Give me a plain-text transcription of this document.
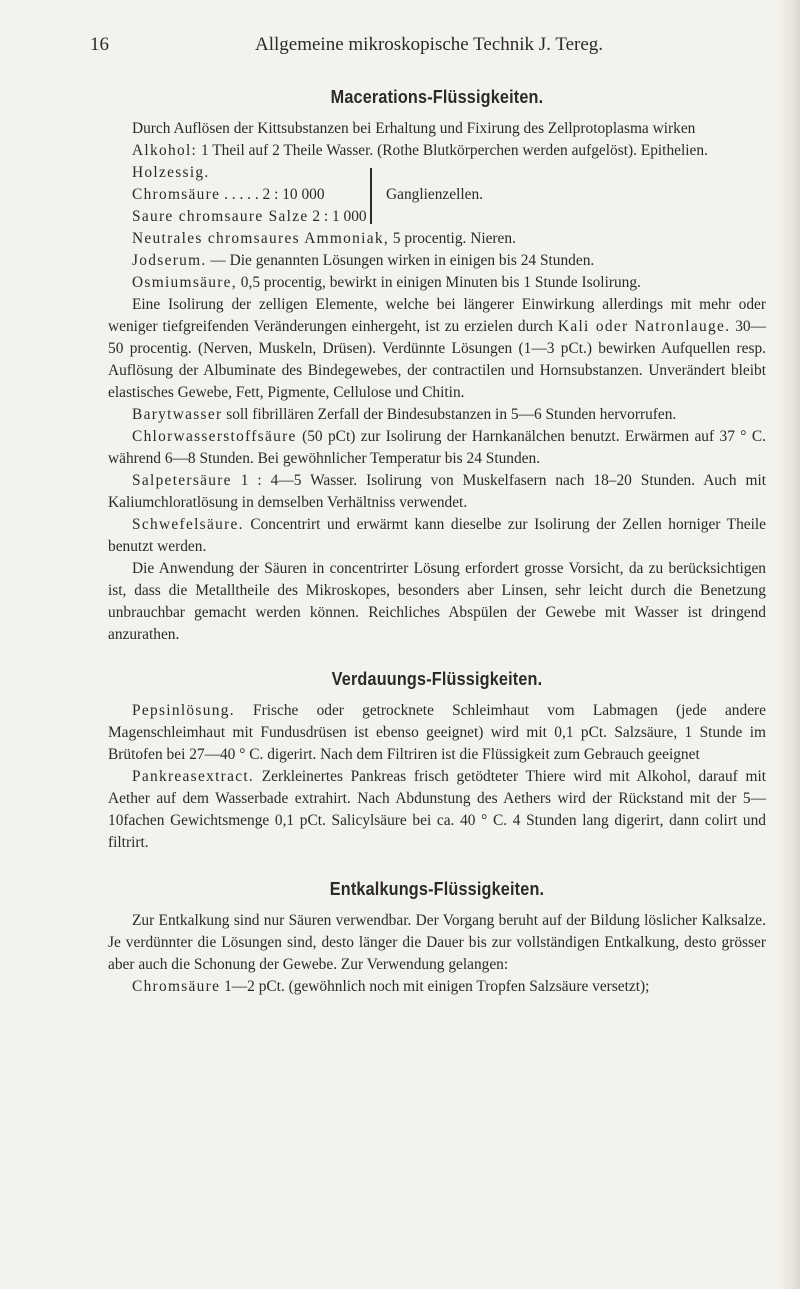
16	Allgemeine mikroskopische Technik J. Tereg.
Macerations-Flüssigkeiten.

Durch Auflösen der Kittsubstanzen bei Erhaltung und Fixirung des Zellprotoplasma wirken

Alkohol: 1 Theil auf 2 Theile Wasser. (Rothe Blutkörperchen werden aufgelöst). Epithelien.

Holzessig.
Chromsäure . . . . . 2 : 10 000
Saure chromsaure Salze 2 : 1 000
Ganglienzellen.

Neutrales chromsaures Ammoniak, 5 procentig. Nieren.

Jodserum. — Die genannten Lösungen wirken in einigen bis 24 Stunden.

Osmiumsäure, 0,5 procentig, bewirkt in einigen Minuten bis 1 Stunde Isolirung.

Eine Isolirung der zelligen Elemente, welche bei längerer Einwirkung allerdings mit mehr oder weniger tiefgreifenden Veränderungen einhergeht, ist zu erzielen durch Kali oder Natronlauge. 30—50 procentig. (Nerven, Muskeln, Drüsen). Verdünnte Lösungen (1—3 pCt.) bewirken Aufquellen resp. Auflösung der Albuminate des Bindegewebes, der contractilen und Hornsubstanzen. Unverändert bleibt elastisches Gewebe, Fett, Pigmente, Cellulose und Chitin.

Barytwasser soll fibrillären Zerfall der Bindesubstanzen in 5—6 Stunden hervorrufen.

Chlorwasserstoffsäure (50 pCt) zur Isolirung der Harnkanälchen benutzt. Erwärmen auf 37 ° C. während 6—8 Stunden. Bei gewöhnlicher Temperatur bis 24 Stunden.

Salpetersäure 1 : 4—5 Wasser. Isolirung von Muskelfasern nach 18–20 Stunden. Auch mit Kaliumchloratlösung in demselben Verhältniss verwendet.

Schwefelsäure. Concentrirt und erwärmt kann dieselbe zur Isolirung der Zellen horniger Theile benutzt werden.

Die Anwendung der Säuren in concentrirter Lösung erfordert grosse Vorsicht, da zu berücksichtigen ist, dass die Metalltheile des Mikroskopes, besonders aber Linsen, sehr leicht durch die Benetzung unbrauchbar gemacht werden können. Reichliches Abspülen der Gewebe mit Wasser ist dringend anzurathen.

Verdauungs-Flüssigkeiten.

Pepsinlösung. Frische oder getrocknete Schleimhaut vom Labmagen (jede andere Magenschleimhaut mit Fundusdrüsen ist ebenso geeignet) wird mit 0,1 pCt. Salzsäure, 1 Stunde im Brütofen bei 27—40 ° C. digerirt. Nach dem Filtriren ist die Flüssigkeit zum Gebrauch geeignet

Pankreasextract. Zerkleinertes Pankreas frisch getödteter Thiere wird mit Alkohol, darauf mit Aether auf dem Wasserbade extrahirt. Nach Abdunstung des Aethers wird der Rückstand mit der 5—10fachen Gewichtsmenge 0,1 pCt. Salicylsäure bei ca. 40 ° C. 4 Stunden lang digerirt, dann colirt und filtrirt.

Entkalkungs-Flüssigkeiten.

Zur Entkalkung sind nur Säuren verwendbar. Der Vorgang beruht auf der Bildung löslicher Kalksalze. Je verdünnter die Lösungen sind, desto länger die Dauer bis zur vollständigen Entkalkung, desto grösser aber auch die Schonung der Gewebe. Zur Verwendung gelangen:

Chromsäure 1—2 pCt. (gewöhnlich noch mit einigen Tropfen Salzsäure versetzt);
